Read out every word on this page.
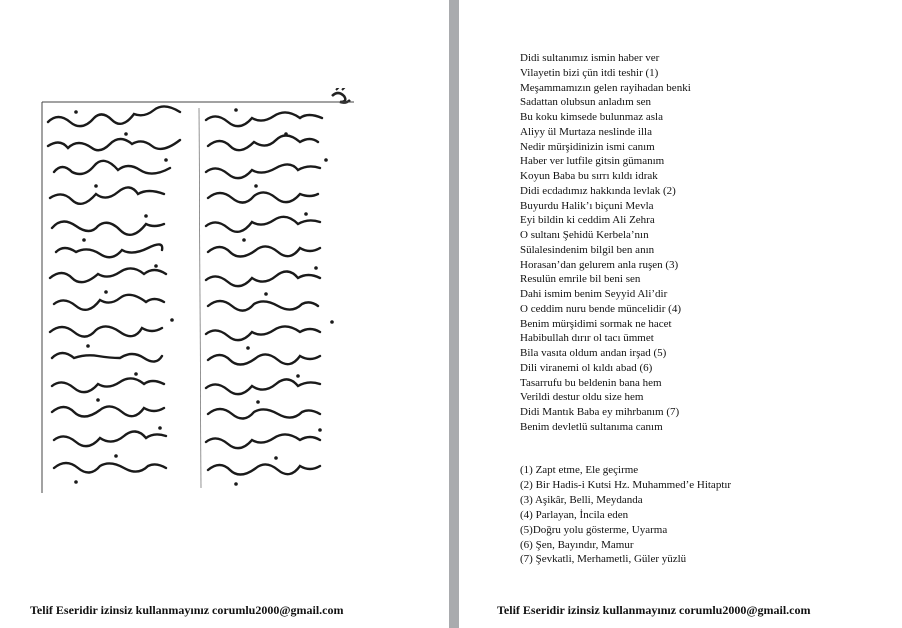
Telif Eseridir izinsiz kullanmayınız corumlu2000@gmail.com
Didi sultanımız ismin haber ver
Vilayetin bizi çün itdi teshir (1)
Meşammamızın gelen rayihadan benki
Sadattan olubsun anladım sen
Bu koku kimsede bulunmaz asla
Aliyy ül Murtaza neslinde illa
Nedir mürşidinizin ismi canım
Haber ver lutfile gitsin gümanım
Koyun Baba bu sırrı kıldı idrak
Didi ecdadımız hakkında levlak (2)
Buyurdu Halik’ı biçuni Mevla
Eyi bildin ki ceddim Ali Zehra
O sultanı Şehidü Kerbela’nın
Sülalesindenim bilgil ben anın
Horasan’dan gelurem anla ruşen (3)
Resulün emrile bil beni sen
Dahi ismim benim Seyyid Ali’dir
O ceddim nuru bende müncelidir (4)
Benim mürşidimi sormak ne hacet
Habibullah dırır ol tacı ümmet
Bila vasıta oldum andan irşad (5)
Dili viranemi ol kıldı abad (6)
Tasarrufu bu beldenin bana hem
Verildi destur oldu size hem
Didi Mantık Baba ey mihrbanım (7)
Benim devletlü sultanıma canım
(1) Zapt etme, Ele geçirme
(2) Bir Hadis-i Kutsi Hz. Muhammed’e Hitaptır
(3) Aşikâr, Belli, Meydanda
(4) Parlayan, İncila eden
(5)Doğru yolu gösterme, Uyarma
(6) Şen, Bayındır, Mamur
(7) Şevkatli, Merhametli, Güler yüzlü
Telif Eseridir izinsiz kullanmayınız corumlu2000@gmail.com
